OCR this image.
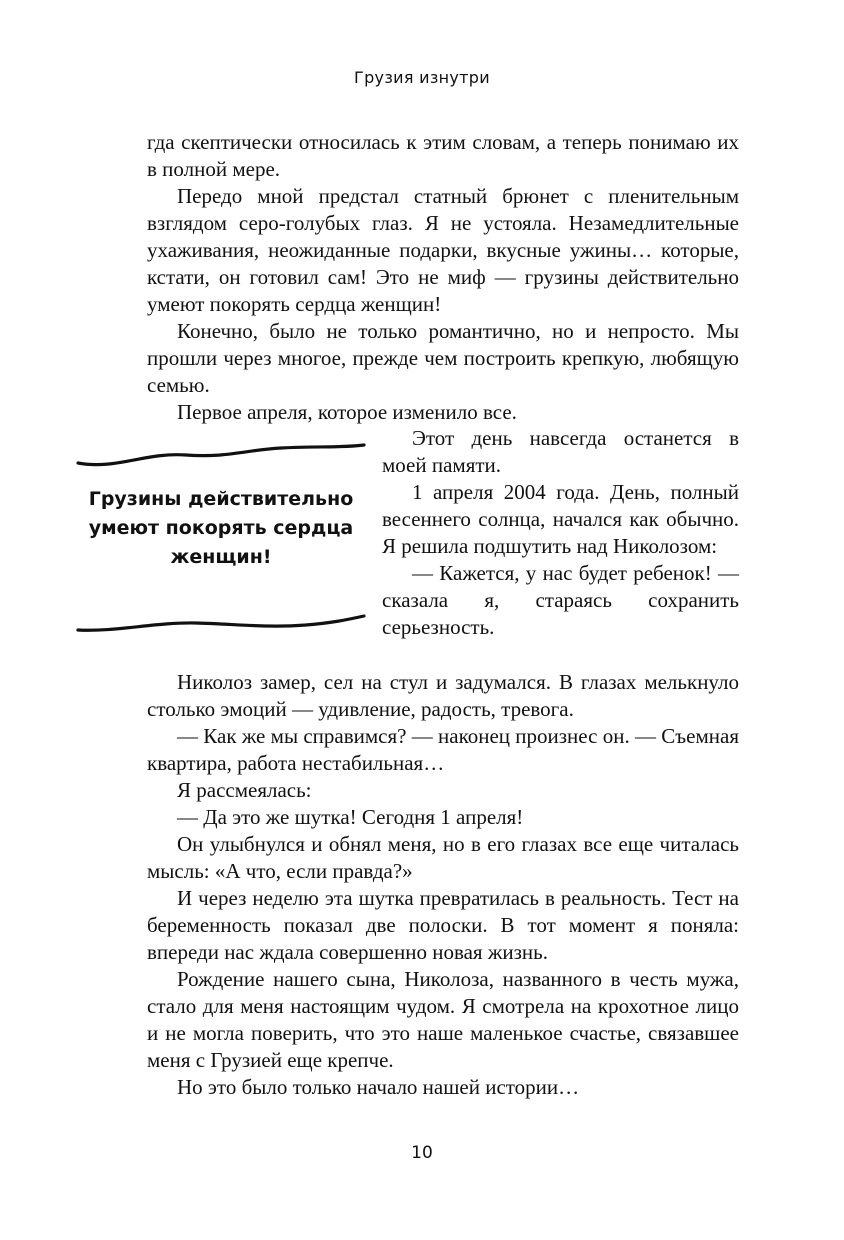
Грузия изнутри

гда скептически относилась к этим словам, а теперь понимаю их в полной мере.

Передо мной предстал статный брюнет с пленительным взглядом серо-голубых глаз. Я не устояла. Незамедлительные ухаживания, неожиданные подарки, вкусные ужины… которые, кстати, он готовил сам! Это не миф — грузины действительно умеют покорять сердца женщин!

Конечно, было не только романтично, но и непросто. Мы прошли через многое, прежде чем построить крепкую, любящую семью.

Первое апреля, которое изменило все.

Грузины действительно умеют покорять сердца женщин!

Этот день навсегда останется в моей памяти.

1 апреля 2004 года. День, полный весеннего солнца, начался как обычно. Я решила подшутить над Николозом:

— Кажется, у нас будет ребенок! — сказала я, стараясь сохранить серьезность.

Николоз замер, сел на стул и задумался. В глазах мелькнуло столько эмоций — удивление, радость, тревога.

— Как же мы справимся? — наконец произнес он. — Съемная квартира, работа нестабильная…

Я рассмеялась:

— Да это же шутка! Сегодня 1 апреля!

Он улыбнулся и обнял меня, но в его глазах все еще читалась мысль: «А что, если правда?»

И через неделю эта шутка превратилась в реальность. Тест на беременность показал две полоски. В тот момент я поняла: впереди нас ждала совершенно новая жизнь.

Рождение нашего сына, Николоза, названного в честь мужа, стало для меня настоящим чудом. Я смотрела на крохотное лицо и не могла поверить, что это наше маленькое счастье, связавшее меня с Грузией еще крепче.

Но это было только начало нашей истории…

10
